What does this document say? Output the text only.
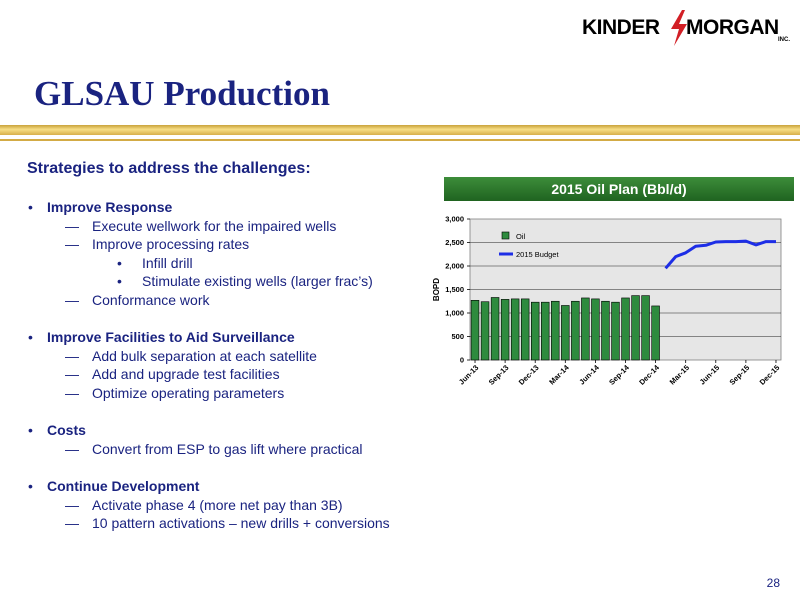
KINDER MORGAN
INC.
GLSAU Production
Strategies to address the challenges:
• Improve Response
— Execute wellwork for the impaired wells
— Improve processing rates
• Infill drill
• Stimulate existing wells (larger frac’s)
— Conformance work
• Improve Facilities to Aid Surveillance
— Add bulk separation at each satellite
— Add and upgrade test facilities
— Optimize operating parameters
• Costs
— Convert from ESP to gas lift where practical
• Continue Development
— Activate phase 4 (more net pay than 3B)
— 10 pattern activations – new drills + conversions
2015 Oil Plan (Bbl/d)
0
500
1,000
1,500
2,000
2,500
3,000
BOPD
Jun-13 Sep-13 Dec-13 Mar-14 Jun-14 Sep-14 Dec-14 Mar-15 Jun-15 Sep-15 Dec-15
Oil
2015 Budget
28
